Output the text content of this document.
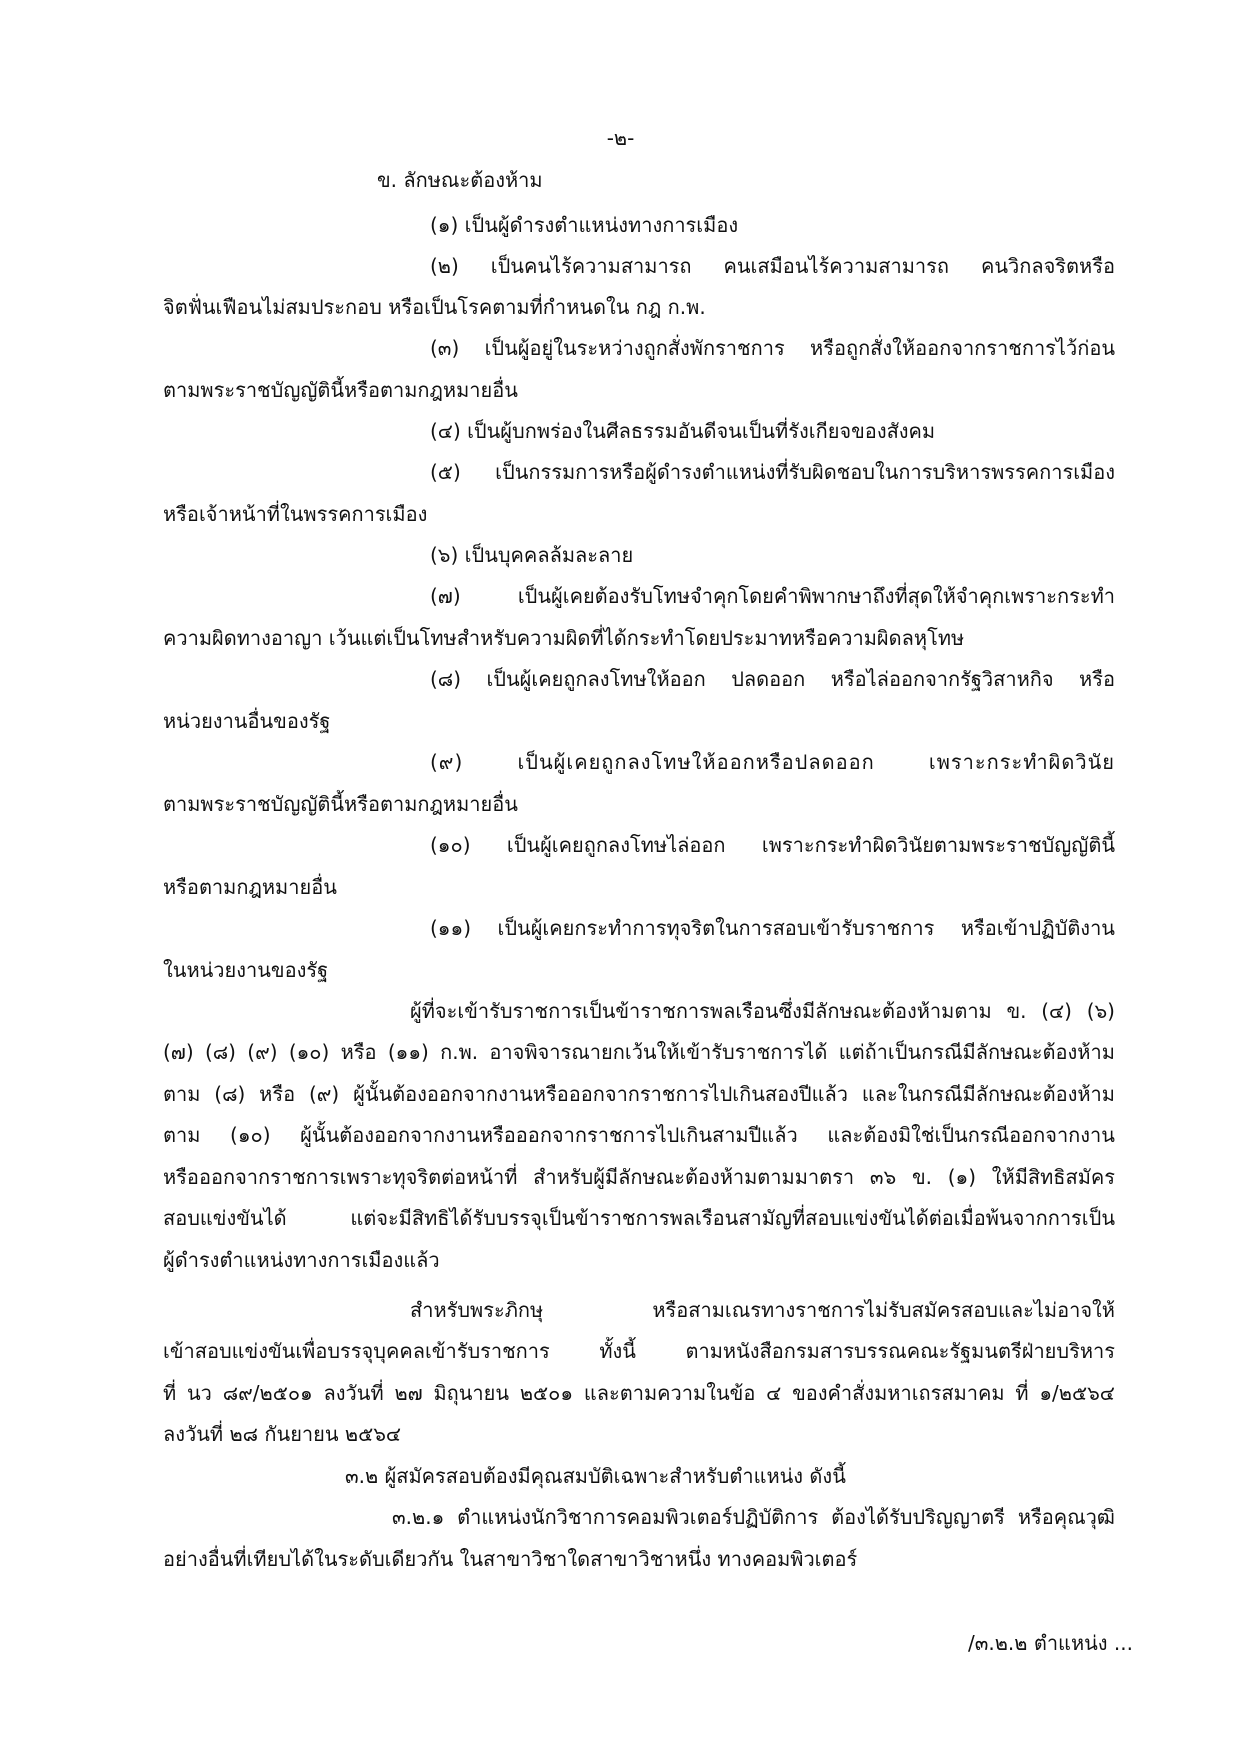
-๒-
ข. ลักษณะต้องห้าม
(๑) เป็นผู้ดำรงตำแหน่งทางการเมือง
(๒) เป็นคนไร้ความสามารถ คนเสมือนไร้ความสามารถ คนวิกลจริตหรือ
จิตฟั่นเฟือนไม่สมประกอบ หรือเป็นโรคตามที่กำหนดใน กฎ ก.พ.
(๓) เป็นผู้อยู่ในระหว่างถูกสั่งพักราชการ หรือถูกสั่งให้ออกจากราชการไว้ก่อน
ตามพระราชบัญญัตินี้หรือตามกฎหมายอื่น
(๔) เป็นผู้บกพร่องในศีลธรรมอันดีจนเป็นที่รังเกียจของสังคม
(๕) เป็นกรรมการหรือผู้ดำรงตำแหน่งที่รับผิดชอบในการบริหารพรรคการเมือง
หรือเจ้าหน้าที่ในพรรคการเมือง
(๖) เป็นบุคคลล้มละลาย
(๗)	เป็นผู้เคยต้องรับโทษจำคุกโดยคำพิพากษาถึงที่สุดให้จำคุกเพราะกระทำ
ความผิดทางอาญา เว้นแต่เป็นโทษสำหรับความผิดที่ได้กระทำโดยประมาทหรือความผิดลหุโทษ
(๘) เป็นผู้เคยถูกลงโทษให้ออก ปลดออก หรือไล่ออกจากรัฐวิสาหกิจ หรือ
หน่วยงานอื่นของรัฐ
(๙)	เป็นผู้เคยถูกลงโทษให้ออกหรือปลดออก	เพราะกระทำผิดวินัย
ตามพระราชบัญญัตินี้หรือตามกฎหมายอื่น
(๑๐) เป็นผู้เคยถูกลงโทษไล่ออก เพราะกระทำผิดวินัยตามพระราชบัญญัตินี้
หรือตามกฎหมายอื่น
(๑๑) เป็นผู้เคยกระทำการทุจริตในการสอบเข้ารับราชการ หรือเข้าปฏิบัติงาน
ในหน่วยงานของรัฐ
ผู้ที่จะเข้ารับราชการเป็นข้าราชการพลเรือนซึ่งมีลักษณะต้องห้ามตาม ข. (๔) (๖)
(๗) (๘) (๙) (๑๐) หรือ (๑๑) ก.พ. อาจพิจารณายกเว้นให้เข้ารับราชการได้ แต่ถ้าเป็นกรณีมีลักษณะต้องห้าม
ตาม (๘) หรือ (๙) ผู้นั้นต้องออกจากงานหรือออกจากราชการไปเกินสองปีแล้ว และในกรณีมีลักษณะต้องห้าม
ตาม (๑๐) ผู้นั้นต้องออกจากงานหรือออกจากราชการไปเกินสามปีแล้ว และต้องมิใช่เป็นกรณีออกจากงาน
หรือออกจากราชการเพราะทุจริตต่อหน้าที่ สำหรับผู้มีลักษณะต้องห้ามตามมาตรา ๓๖ ข. (๑) ให้มีสิทธิสมัคร
สอบแข่งขันได้	แต่จะมีสิทธิได้รับบรรจุเป็นข้าราชการพลเรือนสามัญที่สอบแข่งขันได้ต่อเมื่อพ้นจากการเป็น
ผู้ดำรงตำแหน่งทางการเมืองแล้ว
สำหรับพระภิกษุ	หรือสามเณรทางราชการไม่รับสมัครสอบและไม่อาจให้
เข้าสอบแข่งขันเพื่อบรรจุบุคคลเข้ารับราชการ ทั้งนี้ ตามหนังสือกรมสารบรรณคณะรัฐมนตรีฝ่ายบริหาร
ที่ นว ๘๙/๒๕๐๑ ลงวันที่ ๒๗ มิถุนายน ๒๕๐๑ และตามความในข้อ ๔ ของคำสั่งมหาเถรสมาคม ที่ ๑/๒๕๖๔
ลงวันที่ ๒๘ กันยายน ๒๕๖๔
๓.๒ ผู้สมัครสอบต้องมีคุณสมบัติเฉพาะสำหรับตำแหน่ง ดังนี้
๓.๒.๑ ตำแหน่งนักวิชาการคอมพิวเตอร์ปฏิบัติการ ต้องได้รับปริญญาตรี หรือคุณวุฒิ
อย่างอื่นที่เทียบได้ในระดับเดียวกัน ในสาขาวิชาใดสาขาวิชาหนึ่ง ทางคอมพิวเตอร์
/๓.๒.๒ ตำแหน่ง ...
